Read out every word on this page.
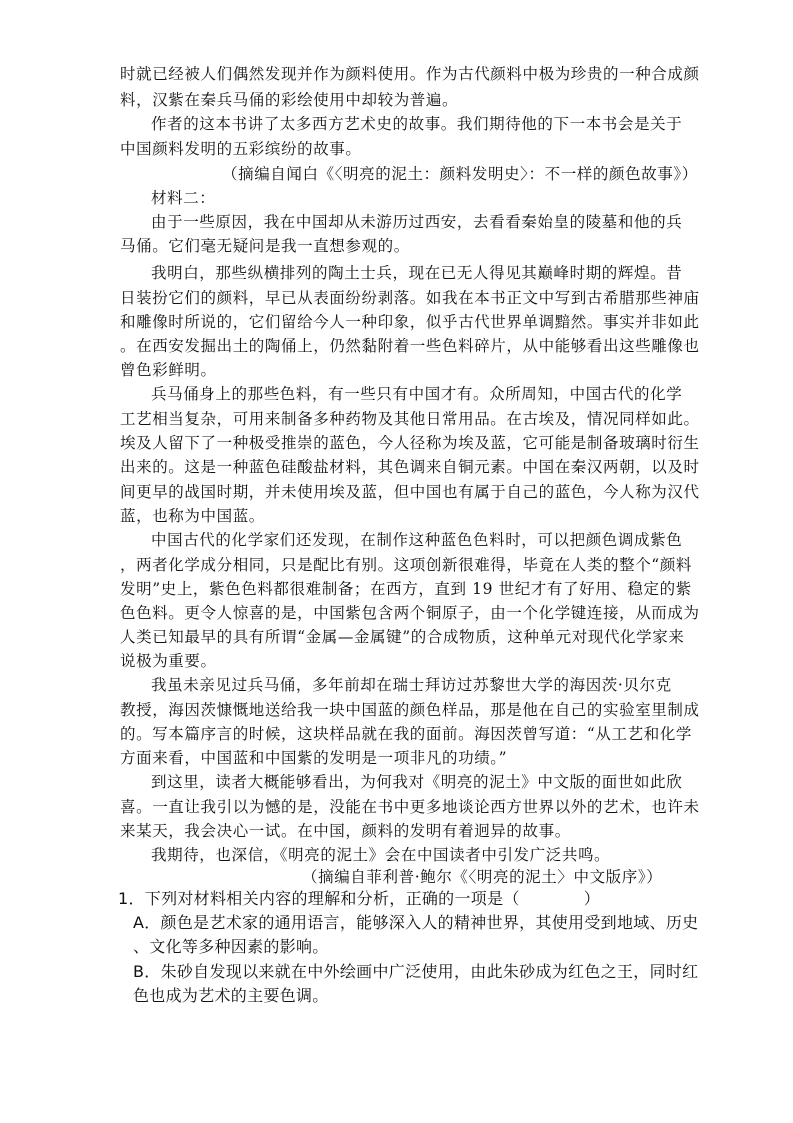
时就已经被人们偶然发现并作为颜料使用。作为古代颜料中极为珍贵的一种合成颜
料，汉紫在秦兵马俑的彩绘使用中却较为普遍。
作者的这本书讲了太多西方艺术史的故事。我们期待他的下一本书会是关于
中国颜料发明的五彩缤纷的故事。
（摘编自闻白《〈明亮的泥土：颜料发明史〉：不一样的颜色故事》）
材料二：
由于一些原因，我在中国却从未游历过西安，去看看秦始皇的陵墓和他的兵
马俑。它们毫无疑问是我一直想参观的。
我明白，那些纵横排列的陶土士兵，现在已无人得见其巅峰时期的辉煌。昔
日装扮它们的颜料，早已从表面纷纷剥落。如我在本书正文中写到古希腊那些神庙
和雕像时所说的，它们留给今人一种印象，似乎古代世界单调黯然。事实并非如此
。在西安发掘出土的陶俑上，仍然黏附着一些色料碎片，从中能够看出这些雕像也
曾色彩鲜明。
兵马俑身上的那些色料，有一些只有中国才有。众所周知，中国古代的化学
工艺相当复杂，可用来制备多种药物及其他日常用品。在古埃及，情况同样如此。
埃及人留下了一种极受推崇的蓝色，今人径称为埃及蓝，它可能是制备玻璃时衍生
出来的。这是一种蓝色硅酸盐材料，其色调来自铜元素。中国在秦汉两朝，以及时
间更早的战国时期，并未使用埃及蓝，但中国也有属于自己的蓝色，今人称为汉代
蓝，也称为中国蓝。
中国古代的化学家们还发现，在制作这种蓝色色料时，可以把颜色调成紫色
，两者化学成分相同，只是配比有别。这项创新很难得，毕竟在人类的整个“颜料
发明”史上，紫色色料都很难制备；在西方，直到 19 世纪才有了好用、稳定的紫
色色料。更令人惊喜的是，中国紫包含两个铜原子，由一个化学键连接，从而成为
人类已知最早的具有所谓“金属—金属键”的合成物质，这种单元对现代化学家来
说极为重要。
我虽未亲见过兵马俑，多年前却在瑞士拜访过苏黎世大学的海因茨·贝尔克
教授，海因茨慷慨地送给我一块中国蓝的颜色样品，那是他在自己的实验室里制成
的。写本篇序言的时候，这块样品就在我的面前。海因茨曾写道：“从工艺和化学
方面来看，中国蓝和中国紫的发明是一项非凡的功绩。”
到这里，读者大概能够看出，为何我对《明亮的泥土》中文版的面世如此欣
喜。一直让我引以为憾的是，没能在书中更多地谈论西方世界以外的艺术，也许未
来某天，我会决心一试。在中国，颜料的发明有着迥异的故事。
我期待，也深信，《明亮的泥土》会在中国读者中引发广泛共鸣。
（摘编自菲利普·鲍尔《〈明亮的泥土〉中文版序》）
1．下列对材料相关内容的理解和分析，正确的一项是（	）
A．颜色是艺术家的通用语言，能够深入人的精神世界，其使用受到地域、历史
、文化等多种因素的影响。
B．朱砂自发现以来就在中外绘画中广泛使用，由此朱砂成为红色之王，同时红
色也成为艺术的主要色调。
